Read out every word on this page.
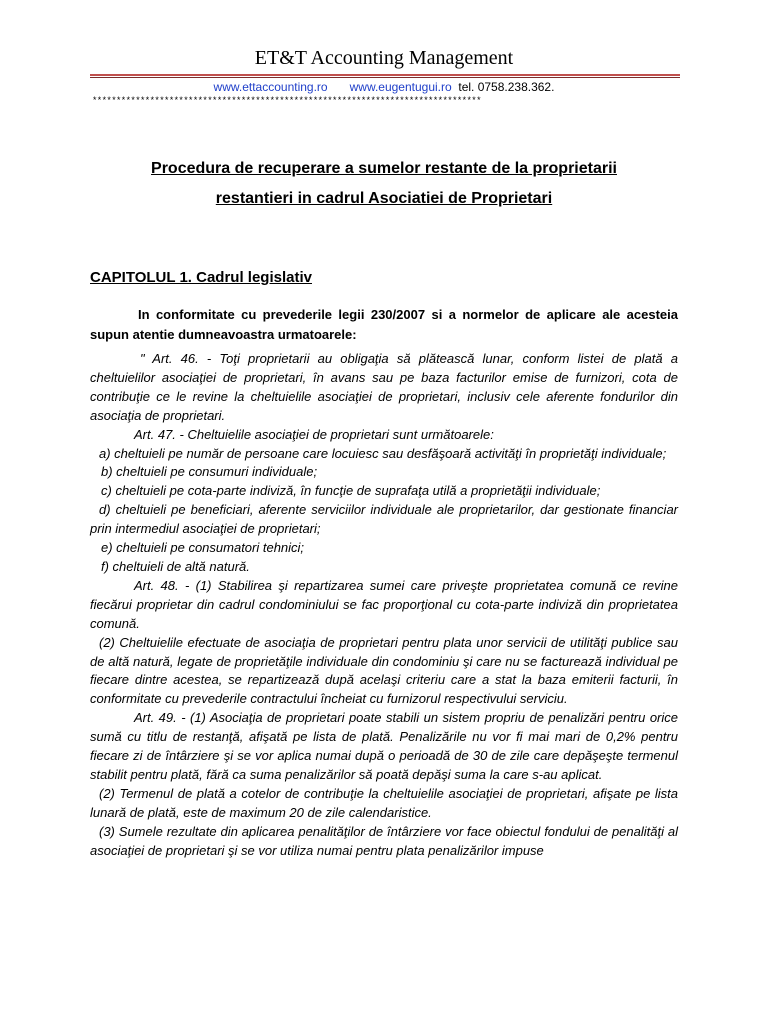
ET&T Accounting Management
www.ettaccounting.ro www.eugentugui.ro tel. 0758.238.362.
*********************************************************************************
Procedura de recuperare a sumelor restante de la proprietarii
restantieri in cadrul Asociatiei de Proprietari
CAPITOLUL 1. Cadrul legislativ
In conformitate cu prevederile legii 230/2007 si a normelor de aplicare ale acesteia supun atentie dumneavoastra urmatoarele:

" Art. 46. - Toţi proprietarii au obligaţia să plătească lunar, conform listei de plată a cheltuielilor asociaţiei de proprietari, în avans sau pe baza facturilor emise de furnizori, cota de contribuţie ce le revine la cheltuielile asociaţiei de proprietari, inclusiv cele aferente fondurilor din asociaţia de proprietari.

Art. 47. - Cheltuielile asociaţiei de proprietari sunt următoarele:

a) cheltuieli pe număr de persoane care locuiesc sau desfăşoară activităţi în proprietăţi individuale;

b) cheltuieli pe consumuri individuale;

c) cheltuieli pe cota-parte indiviză, în funcţie de suprafaţa utilă a proprietăţii individuale;

d) cheltuieli pe beneficiari, aferente serviciilor individuale ale proprietarilor, dar gestionate financiar prin intermediul asociaţiei de proprietari;

e) cheltuieli pe consumatori tehnici;

f) cheltuieli de altă natură.

Art. 48. - (1) Stabilirea şi repartizarea sumei care priveşte proprietatea comună ce revine fiecărui proprietar din cadrul condominiului se fac proporţional cu cota-parte indiviză din proprietatea comună.

(2) Cheltuielile efectuate de asociaţia de proprietari pentru plata unor servicii de utilităţi publice sau de altă natură, legate de proprietăţile individuale din condominiu şi care nu se facturează individual pe fiecare dintre acestea, se repartizează după acelaşi criteriu care a stat la baza emiterii facturii, în conformitate cu prevederile contractului încheiat cu furnizorul respectivului serviciu.

Art. 49. - (1) Asociaţia de proprietari poate stabili un sistem propriu de penalizări pentru orice sumă cu titlu de restanţă, afişată pe lista de plată. Penalizările nu vor fi mai mari de 0,2% pentru fiecare zi de întârziere şi se vor aplica numai după o perioadă de 30 de zile care depăşeşte termenul stabilit pentru plată, fără ca suma penalizărilor să poată depăşi suma la care s-au aplicat.

(2) Termenul de plată a cotelor de contribuţie la cheltuielile asociaţiei de proprietari, afişate pe lista lunară de plată, este de maximum 20 de zile calendaristice.

(3) Sumele rezultate din aplicarea penalităţilor de întârziere vor face obiectul fondului de penalităţi al asociaţiei de proprietari şi se vor utiliza numai pentru plata penalizărilor impuse
